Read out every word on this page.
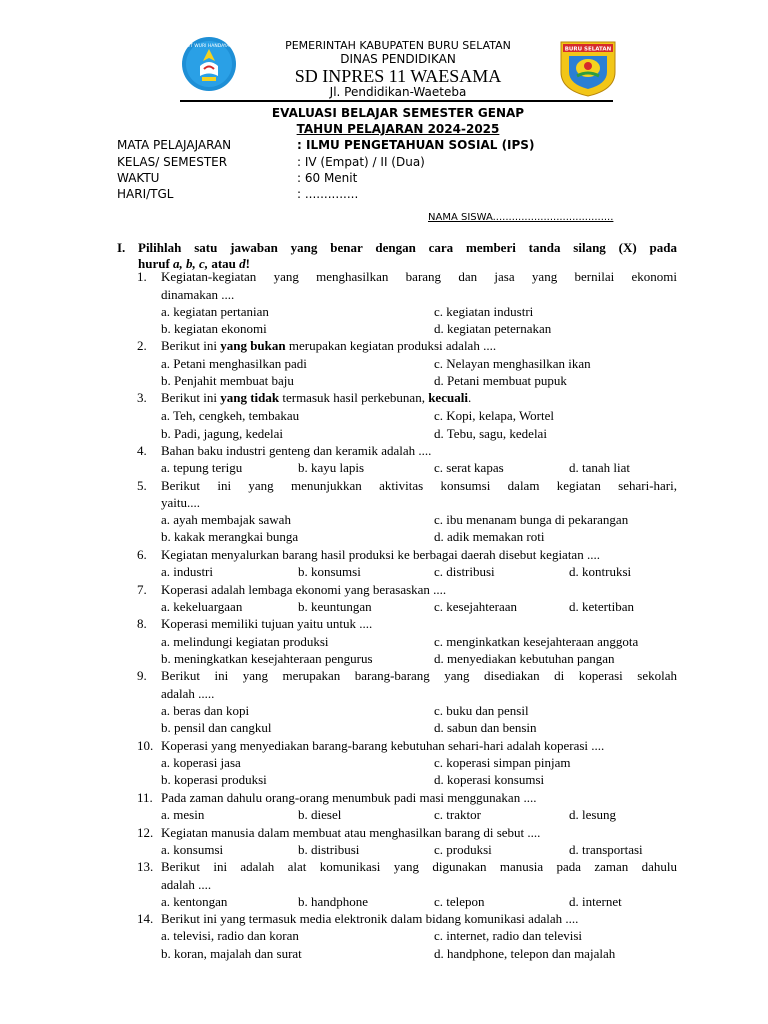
TUT WURI HANDAYANI	BURU SELATAN
PEMERINTAH KABUPATEN BURU SELATAN
DINAS PENDIDIKAN
SD INPRES 11 WAESAMA
Jl. Pendidikan-Waeteba
EVALUASI BELAJAR SEMESTER GENAP
TAHUN PELAJARAN 2024-2025
MATA PELAJAJARAN	: ILMU PENGETAHUAN SOSIAL (IPS)
KELAS/ SEMESTER	: IV (Empat) / II (Dua)
WAKTU	: 60 Menit
HARI/TGL	: ..............
NAMA SISWA......................................
I. Pilihlah satu jawaban yang benar dengan cara memberi tanda silang (X) pada
huruf a, b, c, atau d!
1. Kegiatan-kegiatan yang menghasilkan barang dan jasa yang bernilai ekonomi
dinamakan ....
a. kegiatan pertanian	c. kegiatan industri
b. kegiatan ekonomi	d. kegiatan peternakan
2. Berikut ini yang bukan merupakan kegiatan produksi adalah ....
a. Petani menghasilkan padi	c. Nelayan menghasilkan ikan
b. Penjahit membuat baju	d. Petani membuat pupuk
3. Berikut ini yang tidak termasuk hasil perkebunan, kecuali.
a. Teh, cengkeh, tembakau	c. Kopi, kelapa, Wortel
b. Padi, jagung, kedelai	d. Tebu, sagu, kedelai
4. Bahan baku industri genteng dan keramik adalah ....
a. tepung terigu	b. kayu lapis	c. serat kapas	d. tanah liat
5. Berikut ini yang menunjukkan aktivitas konsumsi dalam kegiatan sehari-hari,
yaitu....
a. ayah membajak sawah	c. ibu menanam bunga di pekarangan
b. kakak merangkai bunga	d. adik memakan roti
6. Kegiatan menyalurkan barang hasil produksi ke berbagai daerah disebut kegiatan ....
a. industri	b. konsumsi	c. distribusi	d. kontruksi
7. Koperasi adalah lembaga ekonomi yang berasaskan ....
a. kekeluargaan	b. keuntungan	c. kesejahteraan	d. ketertiban
8. Koperasi memiliki tujuan yaitu untuk ....
a. melindungi kegiatan produksi	c. menginkatkan kesejahteraan anggota
b. meningkatkan kesejahteraan pengurus	d. menyediakan kebutuhan pangan
9. Berikut ini yang merupakan barang-barang yang disediakan di koperasi sekolah
adalah .....
a. beras dan kopi	c. buku dan pensil
b. pensil dan cangkul	d. sabun dan bensin
10. Koperasi yang menyediakan barang-barang kebutuhan sehari-hari adalah koperasi ....
a. koperasi jasa	c. koperasi simpan pinjam
b. koperasi produksi	d. koperasi konsumsi
11. Pada zaman dahulu orang-orang menumbuk padi masi menggunakan ....
a. mesin	b. diesel	c. traktor	d. lesung
12. Kegiatan manusia dalam membuat atau menghasilkan barang di sebut ....
a. konsumsi	b. distribusi	c. produksi	d. transportasi
13. Berikut ini adalah alat komunikasi yang digunakan manusia pada zaman dahulu
adalah ....
a. kentongan	b. handphone	c. telepon	d. internet
14. Berikut ini yang termasuk media elektronik dalam bidang komunikasi adalah ....
a. televisi, radio dan koran	c. internet, radio dan televisi
b. koran, majalah dan surat	d. handphone, telepon dan majalah
